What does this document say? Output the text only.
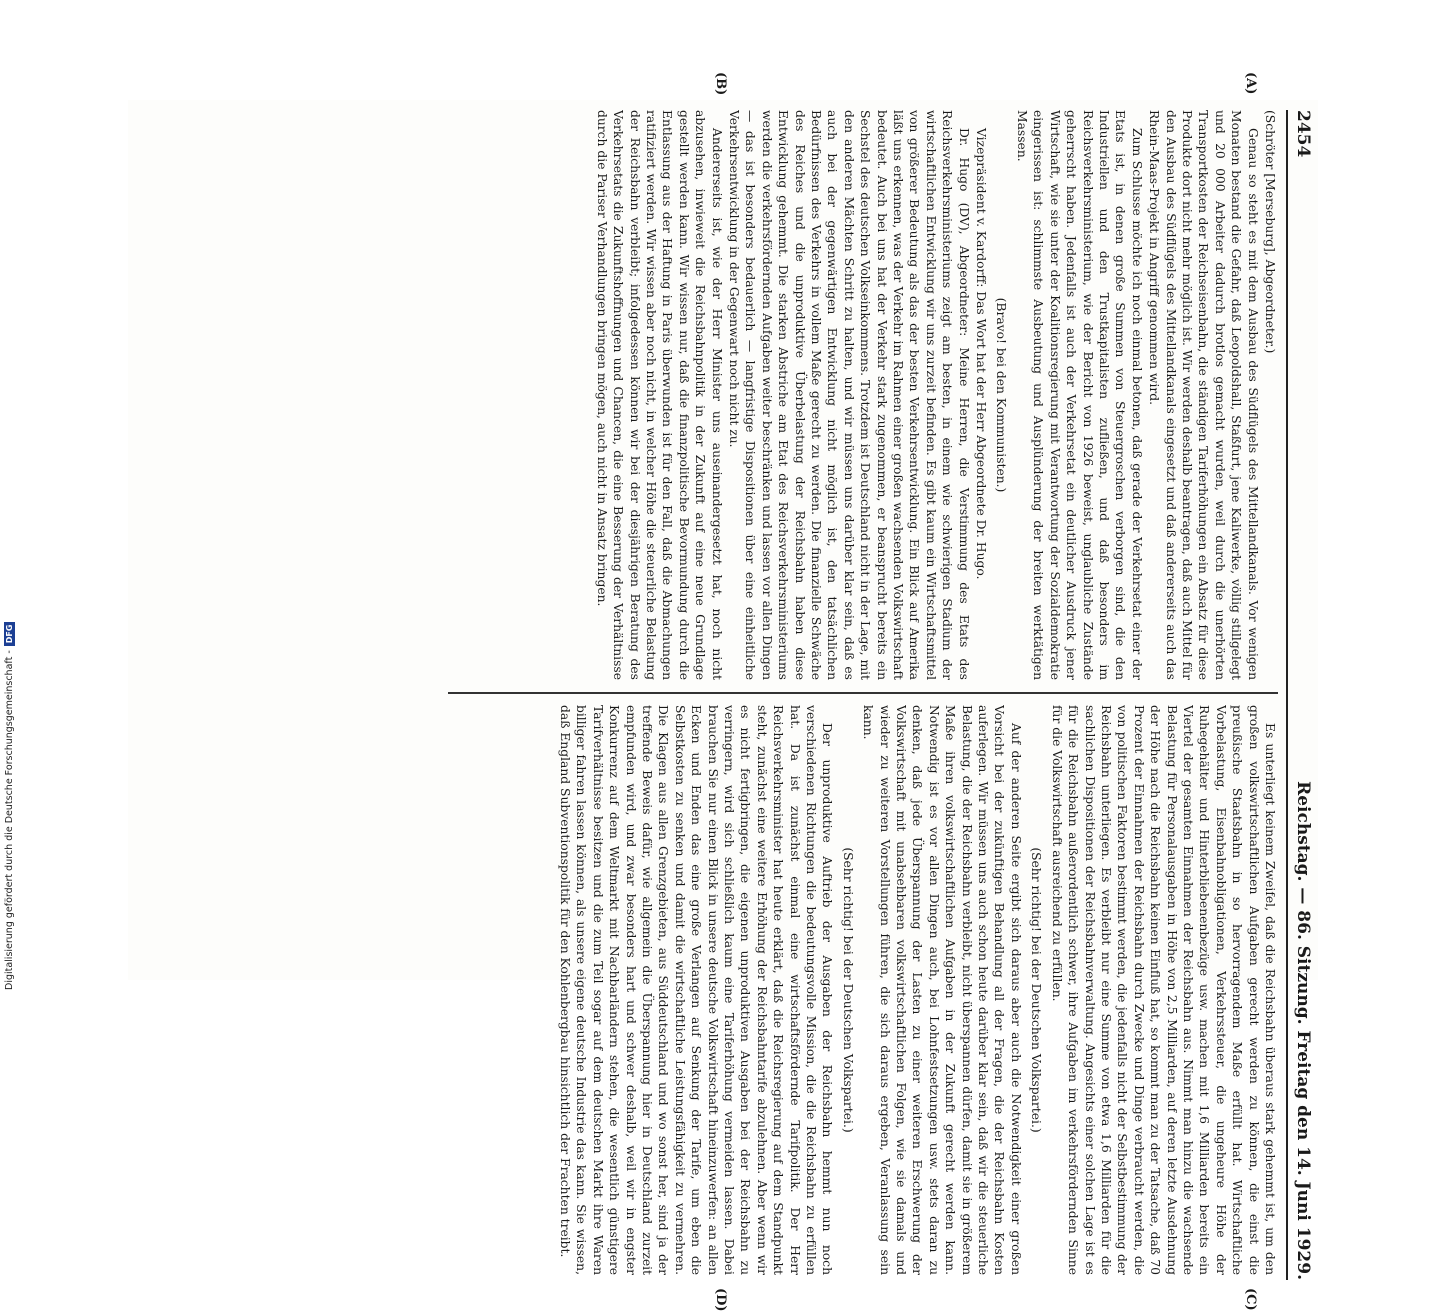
2454
Reichstag. — 86. Sitzung. Freitag den 14. Juni 1929.
(A)
(B)
(C)
(D)

(Schröter [Merseburg], Abgeordneter.)

Genau so steht es mit dem Ausbau des Südflügels des Mittellandkanals. Vor wenigen Monaten bestand die Gefahr, daß Leopoldshall, Staßfurt, jene Kaliwerke, völlig stillgelegt und 20 000 Arbeiter dadurch brotlos gemacht wurden, weil durch die unerhörten Transportkosten der Reichseisenbahn, die ständigen Tariferhöhungen ein Absatz für diese Produkte dort nicht mehr möglich ist. Wir werden deshalb beantragen, daß auch Mittel für den Ausbau des Südflügels des Mittellandkanals eingesetzt und daß andererseits auch das Rhein-Maas-Projekt in Angriff genommen wird.

Zum Schlusse möchte ich noch einmal betonen, daß gerade der Verkehrsetat einer der Etats ist, in denen große Summen von Steuergroschen verborgen sind, die den Industriellen und den Trustkapitalisten zufließen, und daß besonders im Reichsverkehrsministerium, wie der Bericht von 1926 beweist, unglaubliche Zustände geherrscht haben. Jedenfalls ist auch der Verkehrsetat ein deutlicher Ausdruck jener Wirtschaft, wie sie unter der Koalitionsregierung mit Verantwortung der Sozialdemokratie eingerissen ist: schlimmste Ausbeutung und Ausplünderung der breiten werktätigen Massen.

(Bravo! bei den Kommunisten.)

Vizepräsident v. Kardorff: Das Wort hat der Herr Abgeordnete Dr. Hugo.

Dr. Hugo (DV), Abgeordneter: Meine Herren, die Verstimmung des Etats des Reichsverkehrsministeriums zeigt am besten, in einem wie schwierigen Stadium der wirtschaftlichen Entwicklung wir uns zurzeit befinden. Es gibt kaum ein Wirtschaftsmittel von größerer Bedeutung als das der besten Verkehrsentwicklung. Ein Blick auf Amerika läßt uns erkennen, was der Verkehr im Rahmen einer großen wachsenden Volkswirtschaft bedeutet. Auch bei uns hat der Verkehr stark zugenommen, er beansprucht bereits ein Sechstel des deutschen Volkseinkommens. Trotzdem ist Deutschland nicht in der Lage, mit den anderen Mächten Schritt zu halten, und wir müssen uns darüber klar sein, daß es auch bei der gegenwärtigen Entwicklung nicht möglich ist, den tatsächlichen Bedürfnissen des Verkehrs in vollem Maße gerecht zu werden. Die finanzielle Schwäche des Reiches und die unproduktive Überbelastung der Reichsbahn haben diese Entwicklung gehemmt. Die starken Abstriche am Etat des Reichsverkehrsministeriums werden die verkehrsfördernden Aufgaben weiter beschränken und lassen vor allen Dingen — das ist besonders bedauerlich — langfristige Dispositionen über eine einheitliche Verkehrsentwicklung in der Gegenwart noch nicht zu.

Andererseits ist, wie der Herr Minister uns auseinandergesetzt hat, noch nicht abzusehen, inwieweit die Reichsbahnpolitik in der Zukunft auf eine neue Grundlage gestellt werden kann. Wir wissen nur, daß die finanzpolitische Bevormundung durch die Entlassung aus der Haftung in Paris überwunden ist für den Fall, daß die Abmachungen ratifiziert werden. Wir wissen aber noch nicht, in welcher Höhe die steuerliche Belastung der Reichsbahn verbleibt; infolgedessen können wir bei der diesjährigen Beratung des Verkehrsetats die Zukunftshoffnungen und Chancen, die eine Besserung der Verhältnisse durch die Pariser Verhandlungen bringen mögen, auch nicht in Ansatz bringen.

Es unterliegt keinem Zweifel, daß die Reichsbahn überaus stark gehemmt ist, um den großen volkswirtschaftlichen Aufgaben gerecht werden zu können, die einst die preußische Staatsbahn in so hervorragendem Maße erfüllt hat. Wirtschaftliche Vorbelastung, Eisenbahnobligationen, Verkehrssteuer, die ungeheure Höhe der Ruhegehälter und Hinterbliebenenbezüge usw. machen mit 1,6 Milliarden bereits ein Viertel der gesamten Einnahmen der Reichsbahn aus. Nimmt man hinzu die wachsende Belastung für Personalausgaben in Höhe von 2,5 Milliarden, auf deren letzte Ausdehnung der Höhe nach die Reichsbahn keinen Einfluß hat, so kommt man zu der Tatsache, daß 70 Prozent der Einnahmen der Reichsbahn durch Zwecke und Dinge verbraucht werden, die von politischen Faktoren bestimmt werden, die jedenfalls nicht der Selbstbestimmung der Reichsbahn unterliegen. Es verbleibt nur eine Summe von etwa 1,6 Milliarden für die sachlichen Dispositionen der Reichsbahnverwaltung. Angesichts einer solchen Lage ist es für die Reichsbahn außerordentlich schwer, ihre Aufgaben im verkehrsfördernden Sinne für die Volkswirtschaft ausreichend zu erfüllen.

(Sehr richtig! bei der Deutschen Volkspartei.)

Auf der anderen Seite ergibt sich daraus aber auch die Notwendigkeit einer großen Vorsicht bei der zukünftigen Behandlung all der Fragen, die der Reichsbahn Kosten auferlegen. Wir müssen uns auch schon heute darüber klar sein, daß wir die steuerliche Belastung, die der Reichsbahn verbleibt, nicht überspannen dürfen, damit sie in größerem Maße ihren volkswirtschaftlichen Aufgaben in der Zukunft gerecht werden kann. Notwendig ist es vor allen Dingen auch, bei Lohnfestsetzungen usw. stets daran zu denken, daß jede Überspannung der Lasten zu einer weiteren Erschwerung der Volkswirtschaft mit unabsehbaren volkswirtschaftlichen Folgen, wie sie damals und wieder zu weiteren Vorstellungen führen, die sich daraus ergeben, Veranlassung sein kann.

(Sehr richtig! bei der Deutschen Volkspartei.)

Der unproduktive Auftrieb der Ausgaben der Reichsbahn hemmt nun noch verschiedenen Richtungen die bedeutungsvolle Mission, die die Reichsbahn zu erfüllen hat. Da ist zunächst einmal eine wirtschaftsfördernde Tarifpolitik. Der Herr Reichsverkehrsminister hat heute erklärt, daß die Reichsregierung auf dem Standpunkt steht, zunächst eine weitere Erhöhung der Reichsbahntarife abzulehnen. Aber wenn wir es nicht fertigbringen, die eigenen unproduktiven Ausgaben bei der Reichsbahn zu verringern, wird sich schließlich kaum eine Tariferhöhung vermeiden lassen. Dabei brauchen Sie nur einen Blick in unsere deutsche Volkswirtschaft hineinzuwerfen: an allen Ecken und Enden das eine große Verlangen auf Senkung der Tarife, um eben die Selbstkosten zu senken und damit die wirtschaftliche Leistungsfähigkeit zu vermehren. Die Klagen aus allen Grenzgebieten, aus Süddeutschland und wo sonst her, sind ja der treffende Beweis dafür, wie allgemein die Überspannung hier in Deutschland zurzeit empfunden wird, und zwar besonders hart und schwer deshalb, weil wir in engster Konkurrenz auf dem Weltmarkt mit Nachbarländern stehen, die wesentlich günstigere Tarifverhältnisse besitzen und die zum Teil sogar auf dem deutschen Markt ihre Waren billiger fahren lassen können, als unsere eigene deutsche Industrie das kann. Sie wissen, daß England Subventionspolitik für den Kohlenbergbau hinsichtlich der Frachten treibt.

Digitalisierung gefördert durch die Deutsche Forschungsgemeinschaft -
DFG
